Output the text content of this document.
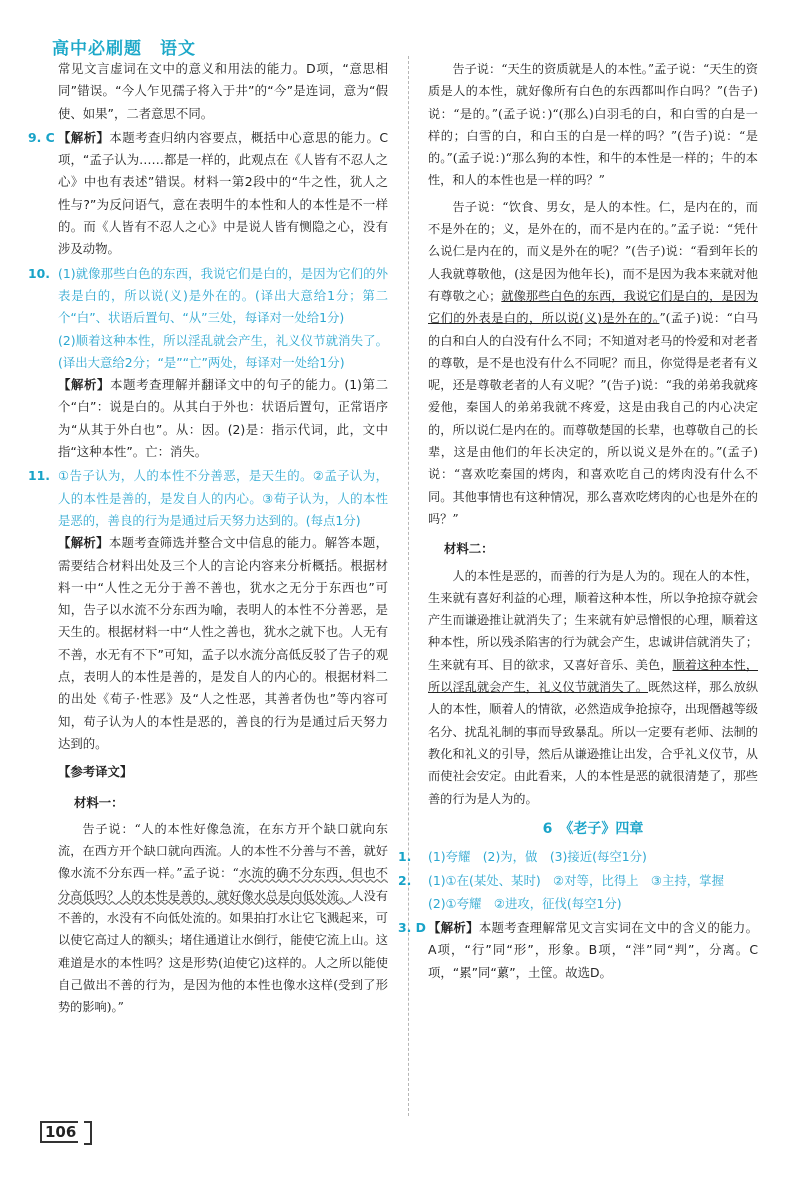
高中必刷题　语文

常见文言虚词在文中的意义和用法的能力。D项，“意思相同”错误。“今人乍见孺子将入于井”的“今”是连词，意为“假使、如果”，二者意思不同。

9. C 【解析】本题考查归纳内容要点，概括中心意思的能力。C项，“孟子认为……都是一样的，此观点在《人皆有不忍人之心》中也有表述”错误。材料一第2段中的“牛之性，犹人之性与?”为反问语气，意在表明牛的本性和人的本性是不一样的。而《人皆有不忍人之心》中是说人皆有恻隐之心，没有涉及动物。

10. (1)就像那些白色的东西，我说它们是白的，是因为它们的外表是白的，所以说(义)是外在的。(译出大意给1分；第二个“白”、状语后置句、“从”三处，每译对一处给1分)

(2)顺着这种本性，所以淫乱就会产生，礼义仪节就消失了。(译出大意给2分；“是”“亡”两处，每译对一处给1分)

【解析】本题考查理解并翻译文中的句子的能力。(1)第二个“白”：说是白的。从其白于外也：状语后置句，正常语序为“从其于外白也”。从：因。(2)是：指示代词，此，文中指“这种本性”。亡：消失。

11. ①告子认为，人的本性不分善恶，是天生的。②孟子认为，人的本性是善的，是发自人的内心。③荀子认为，人的本性是恶的，善良的行为是通过后天努力达到的。(每点1分)

【解析】本题考查筛选并整合文中信息的能力。解答本题，需要结合材料出处及三个人的言论内容来分析概括。根据材料一中“人性之无分于善不善也，犹水之无分于东西也”可知，告子以水流不分东西为喻，表明人的本性不分善恶，是天生的。根据材料一中“人性之善也，犹水之就下也。人无有不善，水无有不下”可知，孟子以水流分高低反驳了告子的观点，表明人的本性是善的，是发自人的内心的。根据材料二的出处《荀子·性恶》及“人之性恶，其善者伪也”等内容可知，荀子认为人的本性是恶的，善良的行为是通过后天努力达到的。

【参考译文】
材料一：

告子说：“人的本性好像急流，在东方开个缺口就向东流，在西方开个缺口就向西流。人的本性不分善与不善，就好像水流不分东西一样。”孟子说：“水流的确不分东西，但也不分高低吗？人的本性是善的，就好像水总是向低处流。人没有不善的，水没有不向低处流的。如果拍打水让它飞溅起来，可以使它高过人的额头；堵住通道让水倒行，能使它流上山。这难道是水的本性吗？这是形势(迫使它)这样的。人之所以能使自己做出不善的行为，是因为他的本性也像水这样(受到了形势的影响)。”

告子说：“天生的资质就是人的本性。”孟子说：“天生的资质是人的本性，就好像所有白色的东西都叫作白吗？”(告子)说：“是的。”(孟子说：)“(那么)白羽毛的白，和白雪的白是一样的；白雪的白，和白玉的白是一样的吗？”(告子)说：“是的。”(孟子说：)“那么狗的本性，和牛的本性是一样的；牛的本性，和人的本性也是一样的吗？”

告子说：“饮食、男女，是人的本性。仁，是内在的，而不是外在的；义，是外在的，而不是内在的。”孟子说：“凭什么说仁是内在的，而义是外在的呢？”(告子)说：“看到年长的人我就尊敬他，(这是因为他年长)，而不是因为我本来就对他有尊敬之心；就像那些白色的东西，我说它们是白的，是因为它们的外表是白的，所以说(义)是外在的。”(孟子)说：“白马的白和白人的白没有什么不同；不知道对老马的怜爱和对老者的尊敬，是不是也没有什么不同呢？而且，你觉得是老者有义呢，还是尊敬老者的人有义呢？”(告子)说：“我的弟弟我就疼爱他，秦国人的弟弟我就不疼爱，这是由我自己的内心决定的，所以说仁是内在的。而尊敬楚国的长辈，也尊敬自己的长辈，这是由他们的年长决定的，所以说义是外在的。”(孟子)说：“喜欢吃秦国的烤肉，和喜欢吃自己的烤肉没有什么不同。其他事情也有这种情况，那么喜欢吃烤肉的心也是外在的吗？”

材料二：

人的本性是恶的，而善的行为是人为的。现在人的本性，生来就有喜好利益的心理，顺着这种本性，所以争抢掠夺就会产生而谦逊推让就消失了；生来就有妒忌憎恨的心理，顺着这种本性，所以残杀陷害的行为就会产生，忠诚讲信就消失了；生来就有耳、目的欲求，又喜好音乐、美色，顺着这种本性，所以淫乱就会产生，礼义仪节就消失了。既然这样，那么放纵人的本性，顺着人的情欲，必然造成争抢掠夺，出现僭越等级名分、扰乱礼制的事而导致暴乱。所以一定要有老师、法制的教化和礼义的引导，然后从谦逊推让出发，合乎礼义仪节，从而使社会安定。由此看来，人的本性是恶的就很清楚了，那些善的行为是人为的。

6　《老子》四章
1. (1)夸耀　(2)为，做　(3)接近(每空1分)

2. (1)①在(某处、某时)　②对等，比得上　③主持，掌握

(2)①夸耀　②进攻，征伐(每空1分)

3. D 【解析】本题考查理解常见文言实词在文中的含义的能力。A项，“行”同“形”，形象。B项，“泮”同“判”，分离。C项，“累”同“蔂”，土筐。故选D。

106
